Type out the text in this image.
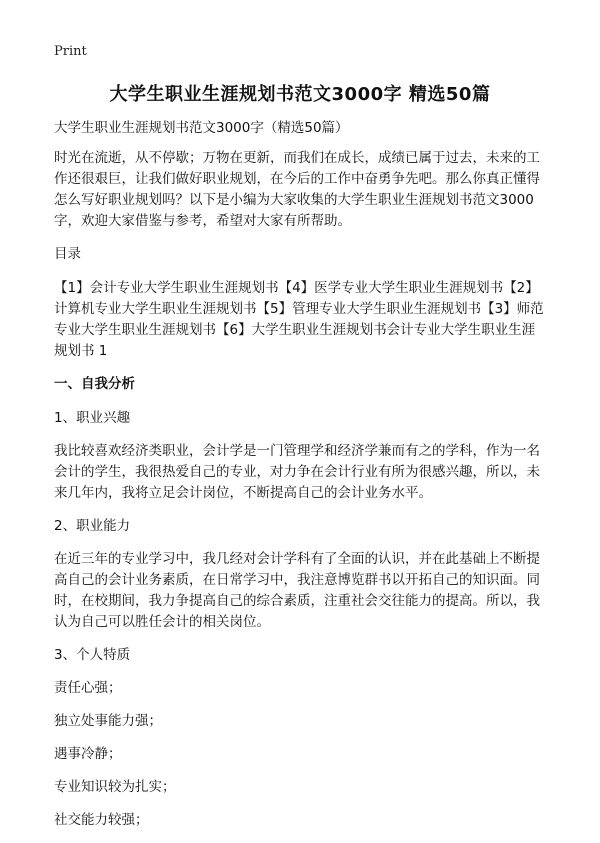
Print
大学生职业生涯规划书范文3000字 精选50篇

大学生职业生涯规划书范文3000字（精选50篇）

时光在流逝，从不停歇；万物在更新，而我们在成长，成绩已属于过去，未来的工作还很艰巨，让我们做好职业规划，在今后的工作中奋勇争先吧。那么你真正懂得怎么写好职业规划吗？以下是小编为大家收集的大学生职业生涯规划书范文3000字，欢迎大家借鉴与参考，希望对大家有所帮助。

目录

【1】会计专业大学生职业生涯规划书【4】医学专业大学生职业生涯规划书【2】计算机专业大学生职业生涯规划书【5】管理专业大学生职业生涯规划书【3】师范专业大学生职业生涯规划书【6】大学生职业生涯规划书会计专业大学生职业生涯规划书 1

一、自我分析

1、职业兴趣

我比较喜欢经济类职业，会计学是一门管理学和经济学兼而有之的学科，作为一名会计的学生，我很热爱自己的专业，对力争在会计行业有所为很感兴趣，所以，未来几年内，我将立足会计岗位，不断提高自己的会计业务水平。

2、职业能力

在近三年的专业学习中，我几经对会计学科有了全面的认识，并在此基础上不断提高自己的会计业务素质，在日常学习中，我注意博览群书以开拓自己的知识面。同时，在校期间，我力争提高自己的综合素质，注重社会交往能力的提高。所以，我认为自己可以胜任会计的相关岗位。

3、个人特质

责任心强；

独立处事能力强；

遇事冷静；

专业知识较为扎实；

社交能力较强；
